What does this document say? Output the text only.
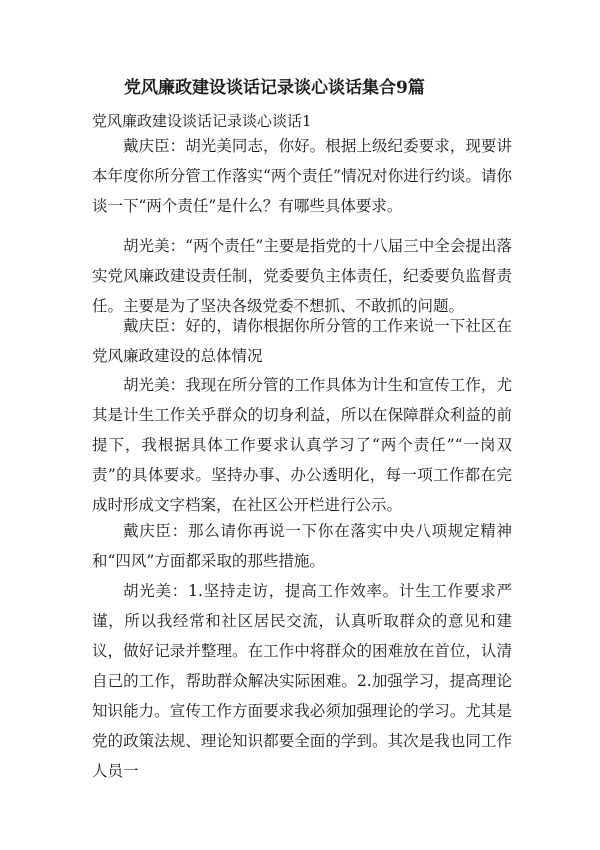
党风廉政建设谈话记录谈心谈话集合9篇
党风廉政建设谈话记录谈心谈话1

戴庆臣：胡光美同志，你好。根据上级纪委要求，现要讲本年度你所分管工作落实“两个责任”情况对你进行约谈。请你谈一下“两个责任”是什么？有哪些具体要求。

胡光美：“两个责任”主要是指党的十八届三中全会提出落实党风廉政建设责任制，党委要负主体责任，纪委要负监督责任。主要是为了坚决各级党委不想抓、不敢抓的问题。

戴庆臣：好的，请你根据你所分管的工作来说一下社区在党风廉政建设的总体情况

胡光美：我现在所分管的工作具体为计生和宣传工作，尤其是计生工作关乎群众的切身利益，所以在保障群众利益的前提下，我根据具体工作要求认真学习了“两个责任”“一岗双责”的具体要求。坚持办事、办公透明化，每一项工作都在完成时形成文字档案，在社区公开栏进行公示。

戴庆臣：那么请你再说一下你在落实中央八项规定精神和“四风”方面都采取的那些措施。

胡光美：1.坚持走访，提高工作效率。计生工作要求严谨，所以我经常和社区居民交流，认真听取群众的意见和建议，做好记录并整理。在工作中将群众的困难放在首位，认清自己的工作，帮助群众解决实际困难。2.加强学习，提高理论知识能力。宣传工作方面要求我必须加强理论的学习。尤其是党的政策法规、理论知识都要全面的学到。其次是我也同工作人员一
